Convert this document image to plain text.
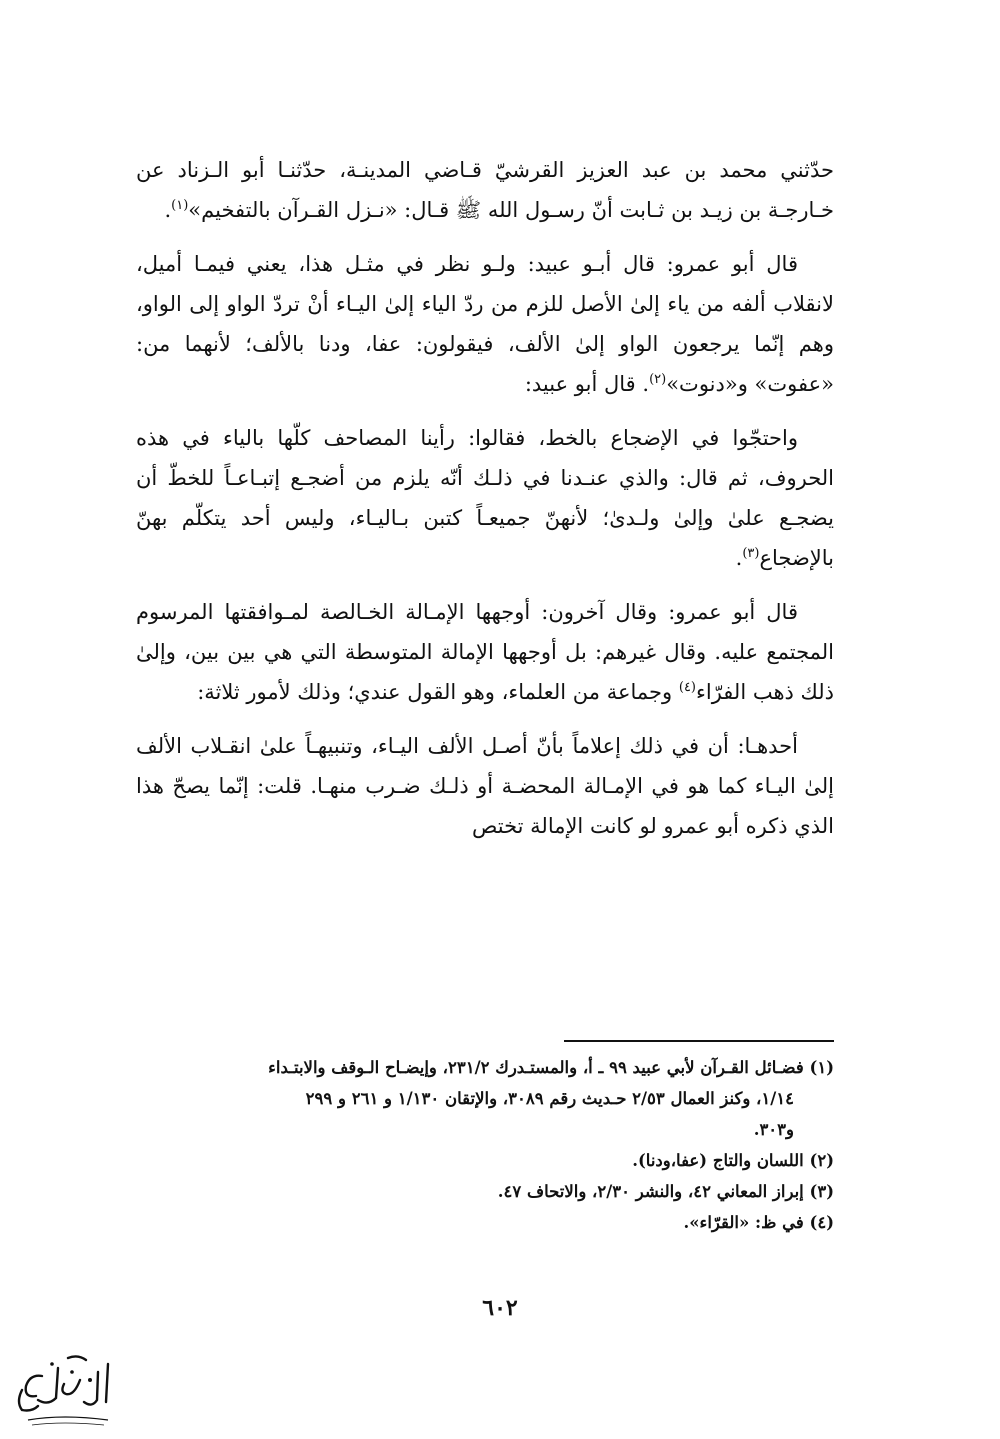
حدّثني محمد بن عبد العزيز القرشيّ قـاضي المدينـة، حدّثنـا أبو الـزناد عن خـارجـة بن زيـد بن ثـابت أنّ رسـول الله ﷺ قـال: «نـزل القـرآن بالتفخيم»$^{(١)}$.

قال أبو عمرو: قال أبـو عبيد: ولـو نظر في مثـل هذا، يعني فيمـا أميل، لانقلاب ألفه من ياء إلىٰ الأصل للزم من ردّ الياء إلىٰ اليـاء أنْ تردّ الواو إلى الواو، وهم إنّما يرجعون الواو إلىٰ الألف، فيقولون: عفا، ودنا بالألف؛ لأنهما من: «عفوت» و«دنوت»$^{(٢)}$. قال أبو عبيد:

واحتجّوا في الإضجاع بالخط، فقالوا: رأينا المصاحف كلّها بالياء في هذه الحروف، ثم قال: والذي عنـدنا في ذلـك أنّه يلزم من أضجـع إتبـاعـاً للخطّ أن يضجـع علىٰ وإلىٰ ولـدىٰ؛ لأنهنّ جميعـاً كتبن بـاليـاء، وليس أحد يتكلّم بهنّ بالإضجاع$^{(٣)}$.

قال أبو عمرو: وقال آخرون: أوجهها الإمـالة الخـالصة لمـوافقتها المرسوم المجتمع عليه. وقال غيرهم: بل أوجهها الإمالة المتوسطة التي هي بين بين، وإلىٰ ذلك ذهب الفرّاء$^{(٤)}$ وجماعة من العلماء، وهو القول عندي؛ وذلك لأمور ثلاثة:

أحدهـا: أن في ذلك إعلاماً بأنّ أصـل الألف اليـاء، وتنبيهـاً علىٰ انقـلاب الألف إلىٰ اليـاء كما هو في الإمـالة المحضـة أو ذلـك ضـرب منهـا. قلت: إنّما يصحّ هذا الذي ذكره أبو عمرو لو كانت الإمالة تختص

(١) فضـائل القـرآن لأبي عبيد ٩٩ ـ أ، والمستـدرك ٢٣١/٢، وإيضـاح الـوقف والابتـداء

١/١٤، وكنز العمال ٢/٥٣ حـديث رقم ٣٠٨٩، والإتقان ١/١٣٠ و ٢٦١ و ٢٩٩

و٣٠٣.

(٢) اللسان والتاج (عفا،ودنا).

(٣) إبراز المعاني ٤٢، والنشر ٢/٣٠، والاتحاف ٤٧.

(٤) في ظ: «القرّاء».

٦٠٢
